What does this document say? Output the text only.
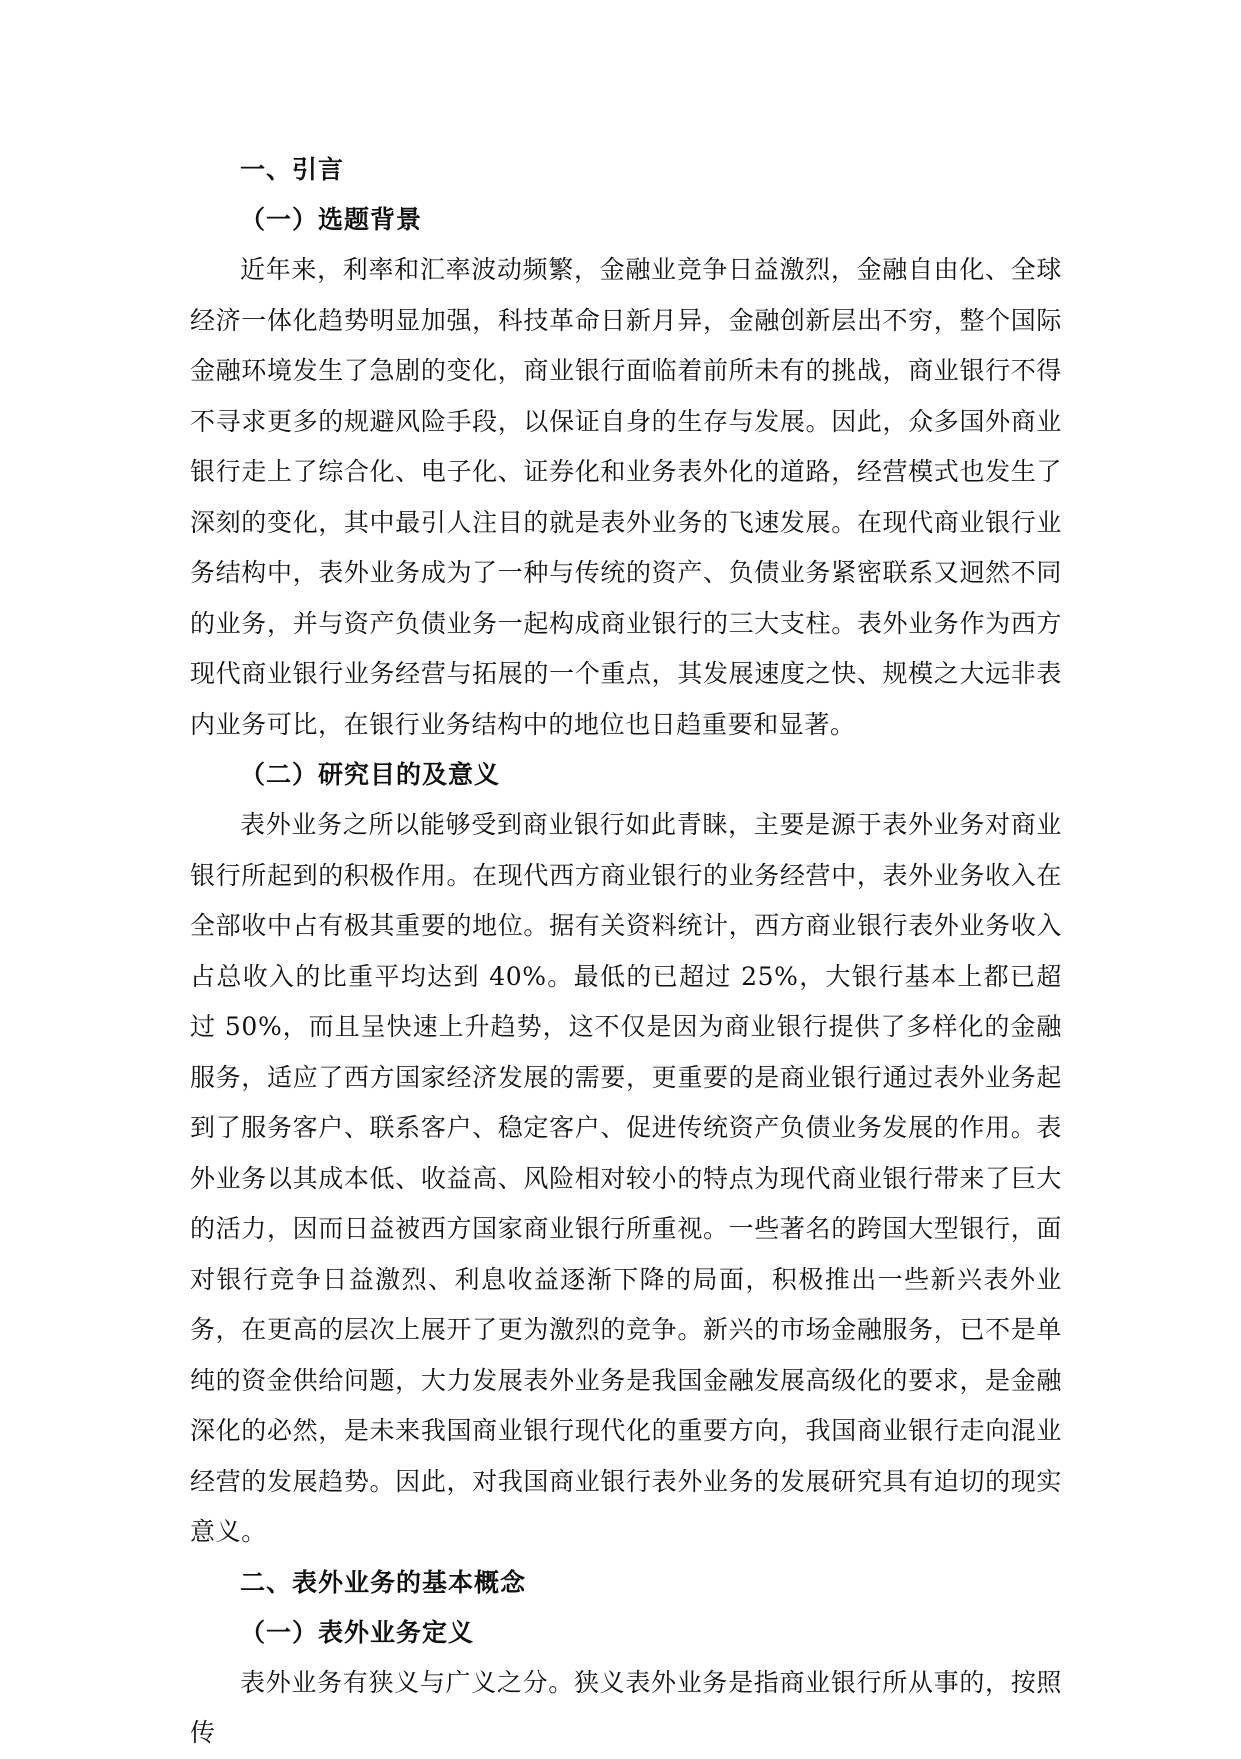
一、引言
（一）选题背景

近年来，利率和汇率波动频繁，金融业竞争日益激烈，金融自由化、全球经济一体化趋势明显加强，科技革命日新月异，金融创新层出不穷，整个国际金融环境发生了急剧的变化，商业银行面临着前所未有的挑战，商业银行不得不寻求更多的规避风险手段，以保证自身的生存与发展。因此，众多国外商业银行走上了综合化、电子化、证券化和业务表外化的道路，经营模式也发生了深刻的变化，其中最引人注目的就是表外业务的飞速发展。在现代商业银行业务结构中，表外业务成为了一种与传统的资产、负债业务紧密联系又迥然不同的业务，并与资产负债业务一起构成商业银行的三大支柱。表外业务作为西方现代商业银行业务经营与拓展的一个重点，其发展速度之快、规模之大远非表内业务可比，在银行业务结构中的地位也日趋重要和显著。

（二）研究目的及意义

表外业务之所以能够受到商业银行如此青睐，主要是源于表外业务对商业银行所起到的积极作用。在现代西方商业银行的业务经营中，表外业务收入在全部收中占有极其重要的地位。据有关资料统计，西方商业银行表外业务收入占总收入的比重平均达到 40%。最低的已超过 25%，大银行基本上都已超过 50%，而且呈快速上升趋势，这不仅是因为商业银行提供了多样化的金融服务，适应了西方国家经济发展的需要，更重要的是商业银行通过表外业务起到了服务客户、联系客户、稳定客户、促进传统资产负债业务发展的作用。表外业务以其成本低、收益高、风险相对较小的特点为现代商业银行带来了巨大的活力，因而日益被西方国家商业银行所重视。一些著名的跨国大型银行，面对银行竞争日益激烈、利息收益逐渐下降的局面，积极推出一些新兴表外业务，在更高的层次上展开了更为激烈的竞争。新兴的市场金融服务，已不是单纯的资金供给问题，大力发展表外业务是我国金融发展高级化的要求，是金融深化的必然，是未来我国商业银行现代化的重要方向，我国商业银行走向混业经营的发展趋势。因此，对我国商业银行表外业务的发展研究具有迫切的现实意义。

二、表外业务的基本概念
（一）表外业务定义

表外业务有狭义与广义之分。狭义表外业务是指商业银行所从事的，按照传
